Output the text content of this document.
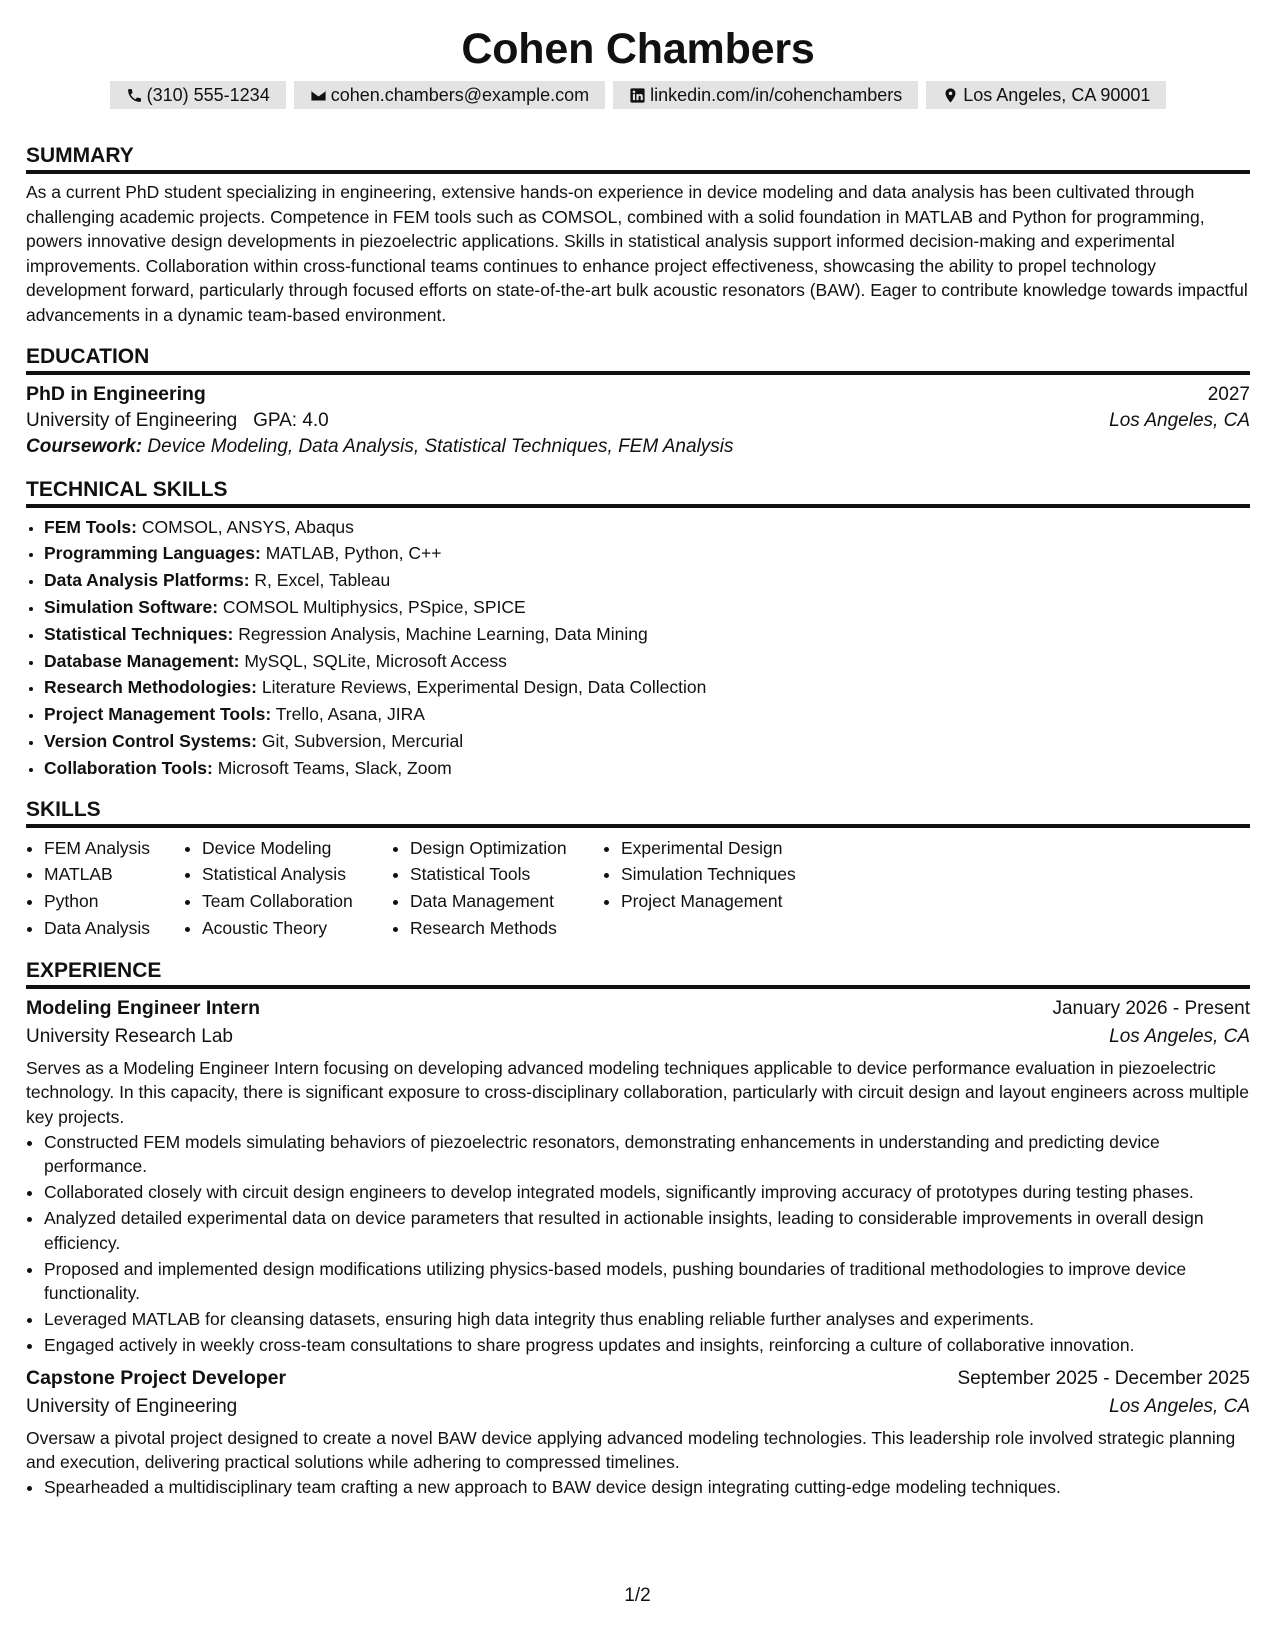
Cohen Chambers
(310) 555-1234	cohen.chambers@example.com	linkedin.com/in/cohenchambers	Los Angeles, CA 90001
SUMMARY
As a current PhD student specializing in engineering, extensive hands-on experience in device modeling and data analysis has been cultivated through challenging academic projects. Competence in FEM tools such as COMSOL, combined with a solid foundation in MATLAB and Python for programming, powers innovative design developments in piezoelectric applications. Skills in statistical analysis support informed decision-making and experimental improvements. Collaboration within cross-functional teams continues to enhance project effectiveness, showcasing the ability to propel technology development forward, particularly through focused efforts on state-of-the-art bulk acoustic resonators (BAW). Eager to contribute knowledge towards impactful advancements in a dynamic team-based environment.
EDUCATION
PhD in Engineering	2027
University of Engineering GPA: 4.0	Los Angeles, CA
Coursework: Device Modeling, Data Analysis, Statistical Techniques, FEM Analysis
TECHNICAL SKILLS
• FEM Tools: COMSOL, ANSYS, Abaqus
• Programming Languages: MATLAB, Python, C++
• Data Analysis Platforms: R, Excel, Tableau
• Simulation Software: COMSOL Multiphysics, PSpice, SPICE
• Statistical Techniques: Regression Analysis, Machine Learning, Data Mining
• Database Management: MySQL, SQLite, Microsoft Access
• Research Methodologies: Literature Reviews, Experimental Design, Data Collection
• Project Management Tools: Trello, Asana, JIRA
• Version Control Systems: Git, Subversion, Mercurial
• Collaboration Tools: Microsoft Teams, Slack, Zoom
SKILLS
• FEM Analysis
• MATLAB
• Python
• Data Analysis
• Device Modeling
• Statistical Analysis
• Team Collaboration
• Acoustic Theory
• Design Optimization
• Statistical Tools
• Data Management
• Research Methods
• Experimental Design
• Simulation Techniques
• Project Management
EXPERIENCE
Modeling Engineer Intern	January 2026 - Present
University Research Lab	Los Angeles, CA
Serves as a Modeling Engineer Intern focusing on developing advanced modeling techniques applicable to device performance evaluation in piezoelectric technology. In this capacity, there is significant exposure to cross-disciplinary collaboration, particularly with circuit design and layout engineers across multiple key projects.
• Constructed FEM models simulating behaviors of piezoelectric resonators, demonstrating enhancements in understanding and predicting device performance.
• Collaborated closely with circuit design engineers to develop integrated models, significantly improving accuracy of prototypes during testing phases.
• Analyzed detailed experimental data on device parameters that resulted in actionable insights, leading to considerable improvements in overall design efficiency.
• Proposed and implemented design modifications utilizing physics-based models, pushing boundaries of traditional methodologies to improve device functionality.
• Leveraged MATLAB for cleansing datasets, ensuring high data integrity thus enabling reliable further analyses and experiments.
• Engaged actively in weekly cross-team consultations to share progress updates and insights, reinforcing a culture of collaborative innovation.
Capstone Project Developer	September 2025 - December 2025
University of Engineering	Los Angeles, CA
Oversaw a pivotal project designed to create a novel BAW device applying advanced modeling technologies. This leadership role involved strategic planning and execution, delivering practical solutions while adhering to compressed timelines.
• Spearheaded a multidisciplinary team crafting a new approach to BAW device design integrating cutting-edge modeling techniques.
1/2
